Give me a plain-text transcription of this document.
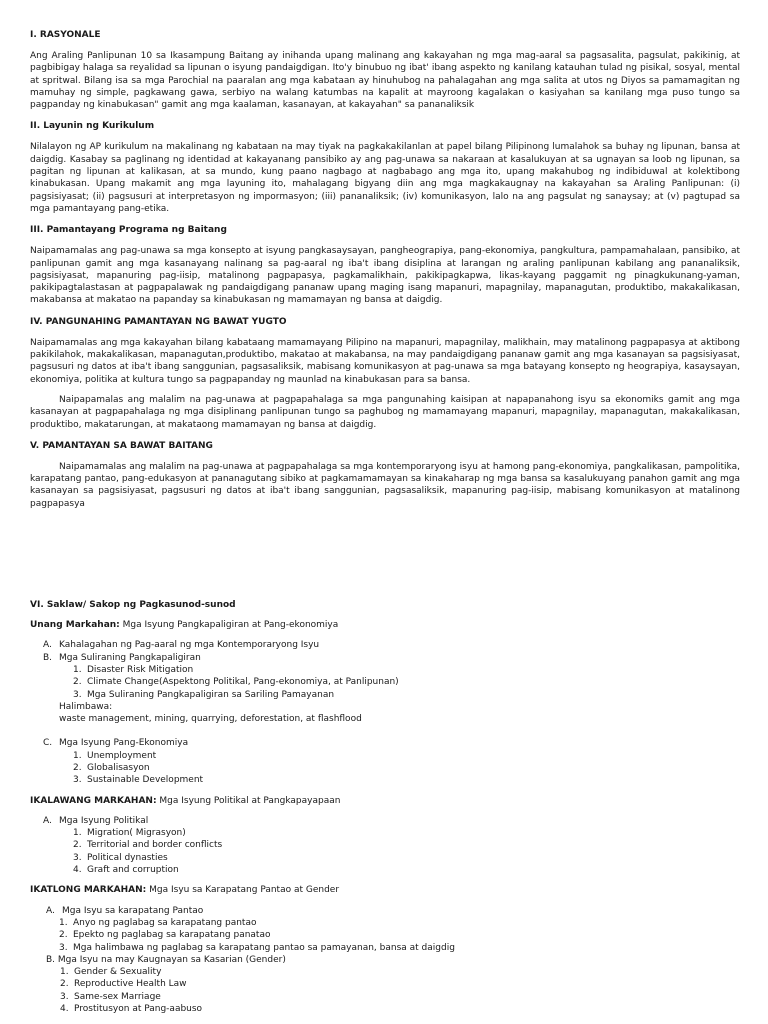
I. RASYONALE

Ang Araling Panlipunan 10 sa Ikasampung Baitang ay inihanda upang malinang ang kakayahan ng mga mag-aaral sa pagsasalita, pagsulat, pakikinig, at pagbibigay halaga sa reyalidad sa lipunan o isyung pandaigdigan. Ito'y binubuo ng ibat' ibang aspekto ng kanilang katauhan tulad ng pisikal, sosyal, mental at spritwal. Bilang isa sa mga Parochial na paaralan ang mga kabataan ay hinuhubog na pahalagahan ang mga salita at utos ng Diyos sa pamamagitan ng mamuhay ng simple, pagkawang gawa, serbiyo na walang katumbas na kapalit at mayroong kagalakan o kasiyahan sa kanilang mga puso tungo sa pagpanday ng kinabukasan" gamit ang mga kaalaman, kasanayan, at kakayahan" sa pananaliksik

II. Layunin ng Kurikulum

Nilalayon ng AP kurikulum na makalinang ng kabataan na may tiyak na pagkakakilanlan at papel bilang Pilipinong lumalahok sa buhay ng lipunan, bansa at daigdig. Kasabay sa paglinang ng identidad at kakayanang pansibiko ay ang pag-unawa sa nakaraan at kasalukuyan at sa ugnayan sa loob ng lipunan, sa pagitan ng lipunan at kalikasan, at sa mundo, kung paano nagbago at nagbabago ang mga ito, upang makahubog ng indibiduwal at kolektibong kinabukasan. Upang makamit ang mga layuning ito, mahalagang bigyang diin ang mga magkakaugnay na kakayahan sa Araling Panlipunan: (i) pagsisiyasat; (ii) pagsusuri at interpretasyon ng impormasyon; (iii) pananaliksik; (iv) komunikasyon, lalo na ang pagsulat ng sanaysay; at (v) pagtupad sa mga pamantayang pang-etika.

III. Pamantayang Programa ng Baitang

Naipamamalas ang pag-unawa sa mga konsepto at isyung pangkasaysayan, pangheograpiya, pang-ekonomiya, pangkultura, pampamahalaan, pansibiko, at panlipunan gamit ang mga kasanayang nalinang sa pag-aaral ng iba't ibang disiplina at larangan ng araling panlipunan kabilang ang pananaliksik, pagsisiyasat, mapanuring pag-iisip, matalinong pagpapasya, pagkamalikhain, pakikipagkapwa, likas-kayang paggamit ng pinagkukunang-yaman, pakikipagtalastasan at pagpapalawak ng pandaigdigang pananaw upang maging isang mapanuri, mapagnilay, mapanagutan, produktibo, makakalikasan, makabansa at makatao na papanday sa kinabukasan ng mamamayan ng bansa at daigdig.

IV. PANGUNAHING PAMANTAYAN NG BAWAT YUGTO

Naipamamalas ang mga kakayahan bilang kabataang mamamayang Pilipino na mapanuri, mapagnilay, malikhain, may matalinong pagpapasya at aktibong pakikilahok, makakalikasan, mapanagutan,produktibo, makatao at makabansa, na may pandaigdigang pananaw gamit ang mga kasanayan sa pagsisiyasat, pagsusuri ng datos at iba't ibang sanggunian, pagsasaliksik, mabisang komunikasyon at pag-unawa sa mga batayang konsepto ng heograpiya, kasaysayan, ekonomiya, politika at kultura tungo sa pagpapanday ng maunlad na kinabukasan para sa bansa.

Naipapamalas ang malalim na pag-unawa at pagpapahalaga sa mga pangunahing kaisipan at napapanahong isyu sa ekonomiks gamit ang mga kasanayan at pagpapahalaga ng mga disiplinang panlipunan tungo sa paghubog ng mamamayang mapanuri, mapagnilay, mapanagutan, makakalikasan, produktibo, makatarungan, at makataong mamamayan ng bansa at daigdig.

V. PAMANTAYAN SA BAWAT BAITANG

Naipamamalas ang malalim na pag-unawa at pagpapahalaga sa mga kontemporaryong isyu at hamong pang-ekonomiya, pangkalikasan, pampolitika, karapatang pantao, pang-edukasyon at pananagutang sibiko at pagkamamamayan sa kinakaharap ng mga bansa sa kasalukuyang panahon gamit ang mga kasanayan sa pagsisiyasat, pagsusuri ng datos at iba't ibang sanggunian, pagsasaliksik, mapanuring pag-iisip, mabisang komunikasyon at matalinong pagpapasya

VI. Saklaw/ Sakop ng Pagkasunod-sunod
Unang Markahan: Mga Isyung Pangkapaligiran at Pang-ekonomiya
A. Kahalagahan ng Pag-aaral ng mga Kontemporaryong Isyu
B. Mga Suliraning Pangkapaligiran
1. Disaster Risk Mitigation
2. Climate Change(Aspektong Politikal, Pang-ekonomiya, at Panlipunan)
3. Mga Suliraning Pangkapaligiran sa Sariling Pamayanan
Halimbawa:
waste management, mining, quarrying, deforestation, at flashflood
C. Mga Isyung Pang-Ekonomiya
1. Unemployment
2. Globalisasyon
3. Sustainable Development
IKALAWANG MARKAHAN: Mga Isyung Politikal at Pangkapayapaan
A. Mga Isyung Politikal
1. Migration( Migrasyon)
2. Territorial and border conflicts
3. Political dynasties
4. Graft and corruption
IKATLONG MARKAHAN: Mga Isyu sa Karapatang Pantao at Gender
A. Mga Isyu sa karapatang Pantao
1. Anyo ng paglabag sa karapatang pantao
2. Epekto ng paglabag sa karapatang panatao
3. Mga halimbawa ng paglabag sa karapatang pantao sa pamayanan, bansa at daigdig
B. Mga Isyu na may Kaugnayan sa Kasarian (Gender)
1. Gender & Sexuality
2. Reproductive Health Law
3. Same-sex Marriage
4. Prostitusyon at Pang-aabuso
